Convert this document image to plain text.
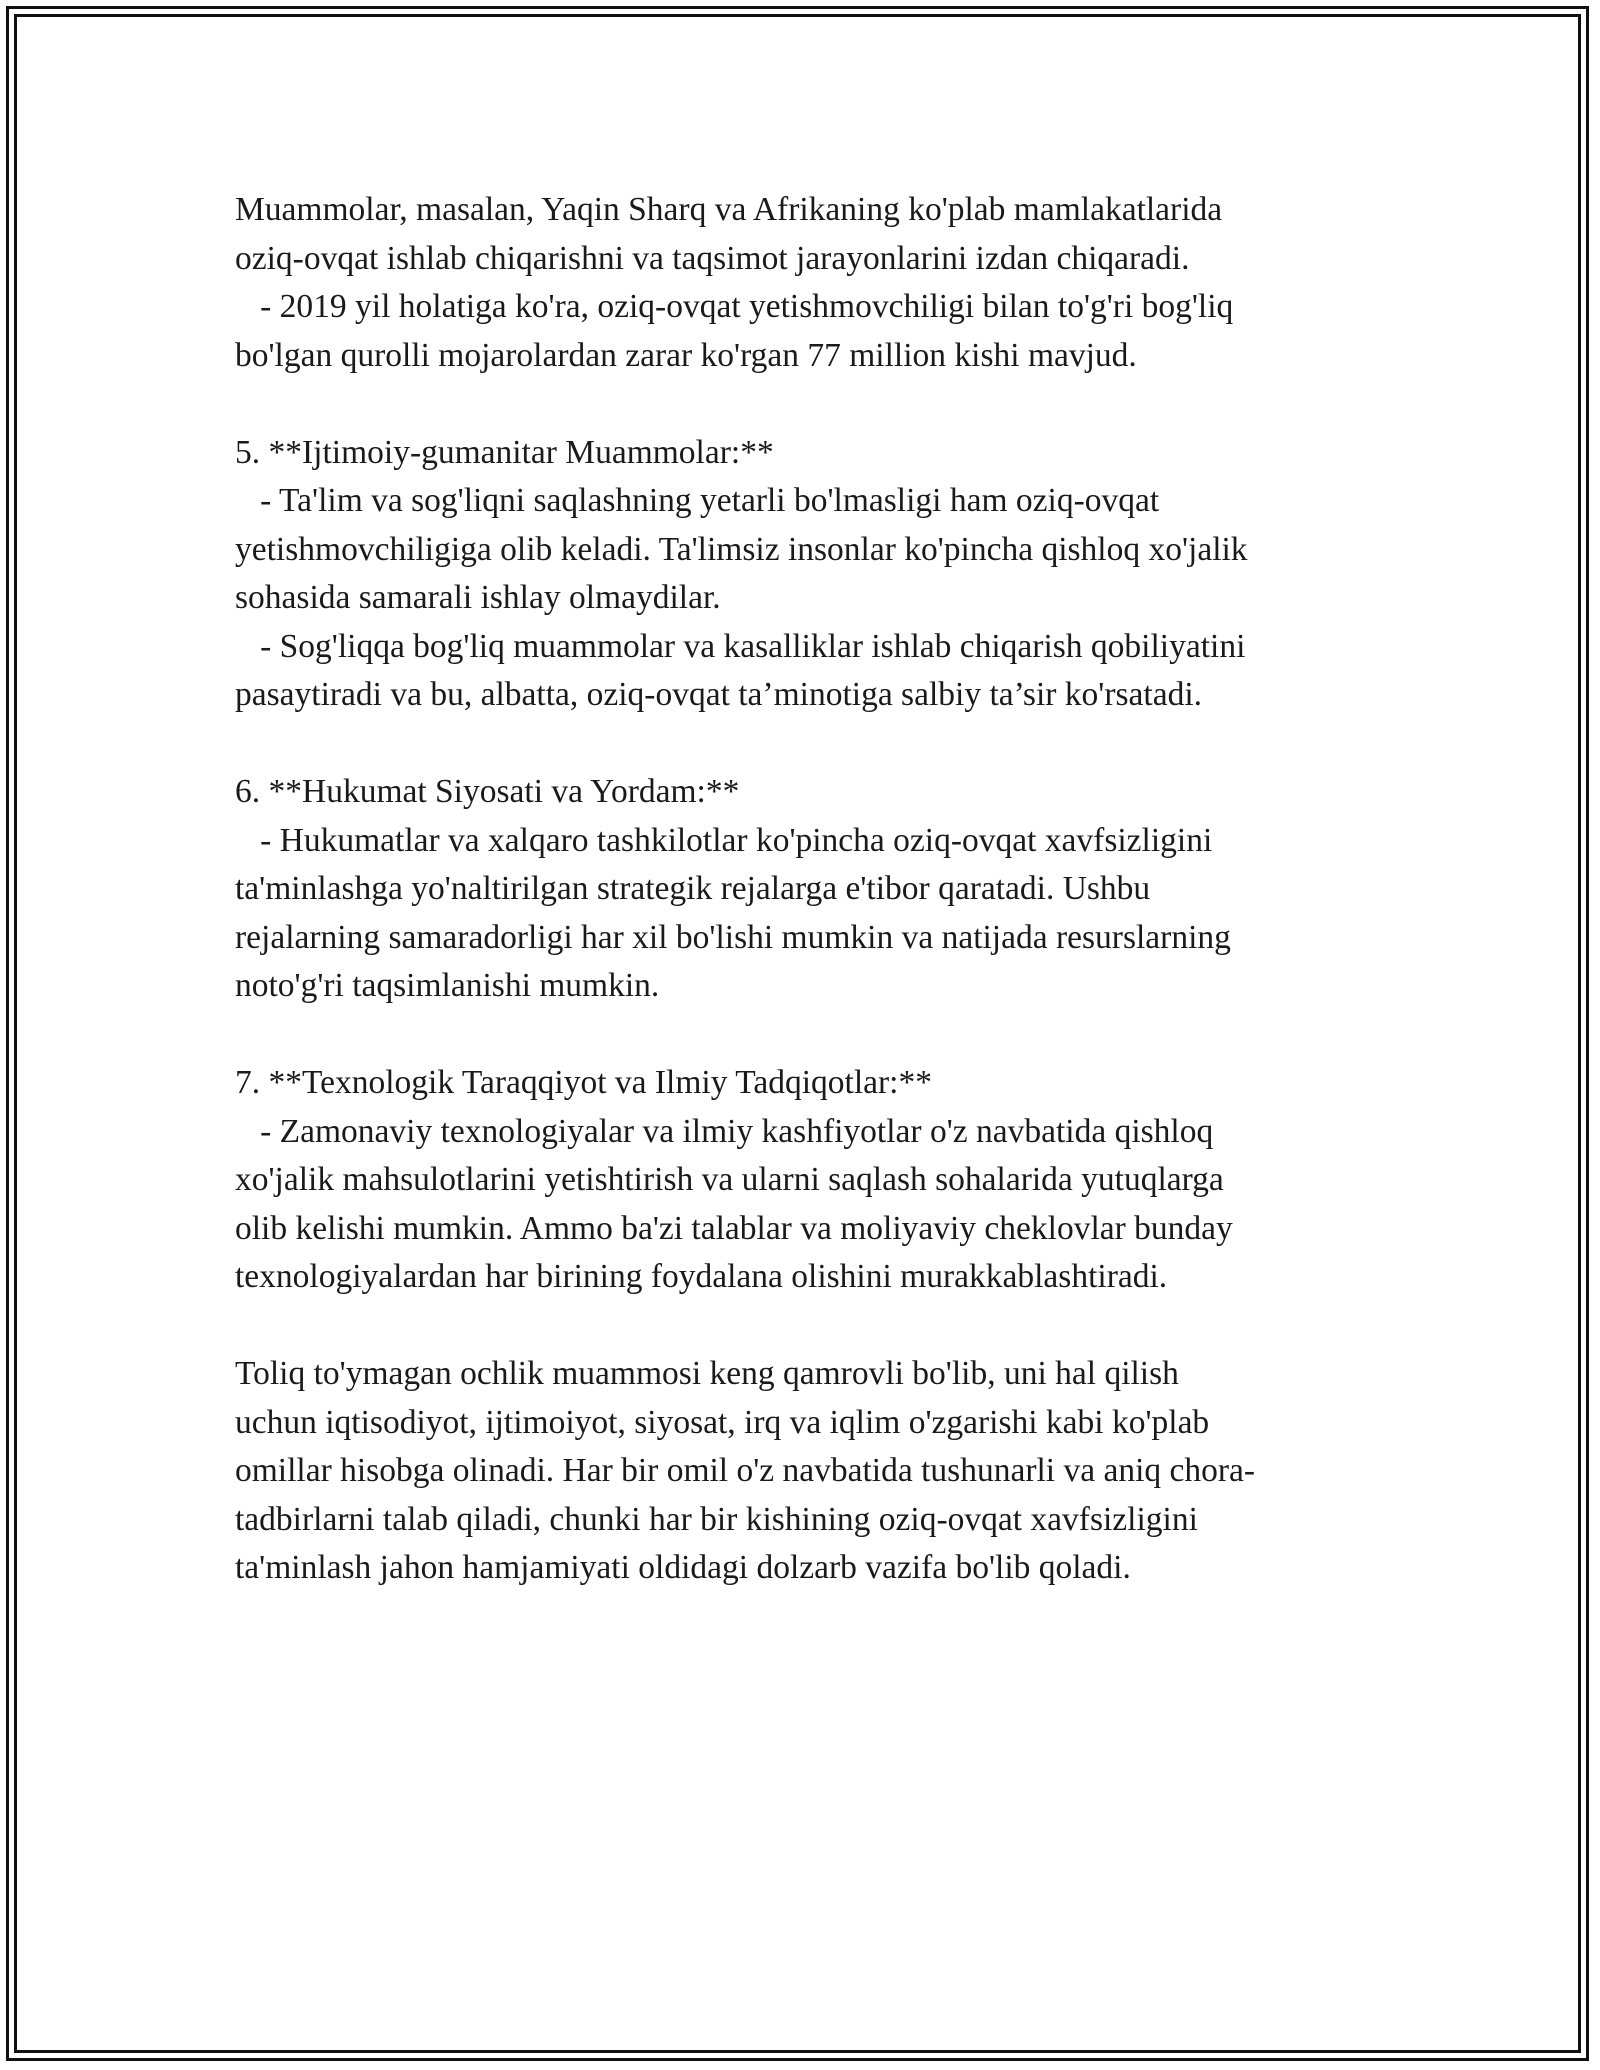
Muammolar, masalan, Yaqin Sharq va Afrikaning ko'plab mamlakatlarida
oziq-ovqat ishlab chiqarishni va taqsimot jarayonlarini izdan chiqaradi.
- 2019 yil holatiga ko'ra, oziq-ovqat yetishmovchiligi bilan to'g'ri bog'liq
bo'lgan qurolli mojarolardan zarar ko'rgan 77 million kishi mavjud.
5. **Ijtimoiy-gumanitar Muammolar:**
- Ta'lim va sog'liqni saqlashning yetarli bo'lmasligi ham oziq-ovqat
yetishmovchiligiga olib keladi. Ta'limsiz insonlar ko'pincha qishloq xo'jalik
sohasida samarali ishlay olmaydilar.
- Sog'liqqa bog'liq muammolar va kasalliklar ishlab chiqarish qobiliyatini
pasaytiradi va bu, albatta, oziq-ovqat ta’minotiga salbiy ta’sir ko'rsatadi.
6. **Hukumat Siyosati va Yordam:**
- Hukumatlar va xalqaro tashkilotlar ko'pincha oziq-ovqat xavfsizligini
ta'minlashga yo'naltirilgan strategik rejalarga e'tibor qaratadi. Ushbu
rejalarning samaradorligi har xil bo'lishi mumkin va natijada resurslarning
noto'g'ri taqsimlanishi mumkin.
7. **Texnologik Taraqqiyot va Ilmiy Tadqiqotlar:**
- Zamonaviy texnologiyalar va ilmiy kashfiyotlar o'z navbatida qishloq
xo'jalik mahsulotlarini yetishtirish va ularni saqlash sohalarida yutuqlarga
olib kelishi mumkin. Ammo ba'zi talablar va moliyaviy cheklovlar bunday
texnologiyalardan har birining foydalana olishini murakkablashtiradi.
Toliq to'ymagan ochlik muammosi keng qamrovli bo'lib, uni hal qilish
uchun iqtisodiyot, ijtimoiyot, siyosat, irq va iqlim o'zgarishi kabi ko'plab
omillar hisobga olinadi. Har bir omil o'z navbatida tushunarli va aniq chora-
tadbirlarni talab qiladi, chunki har bir kishining oziq-ovqat xavfsizligini
ta'minlash jahon hamjamiyati oldidagi dolzarb vazifa bo'lib qoladi.
